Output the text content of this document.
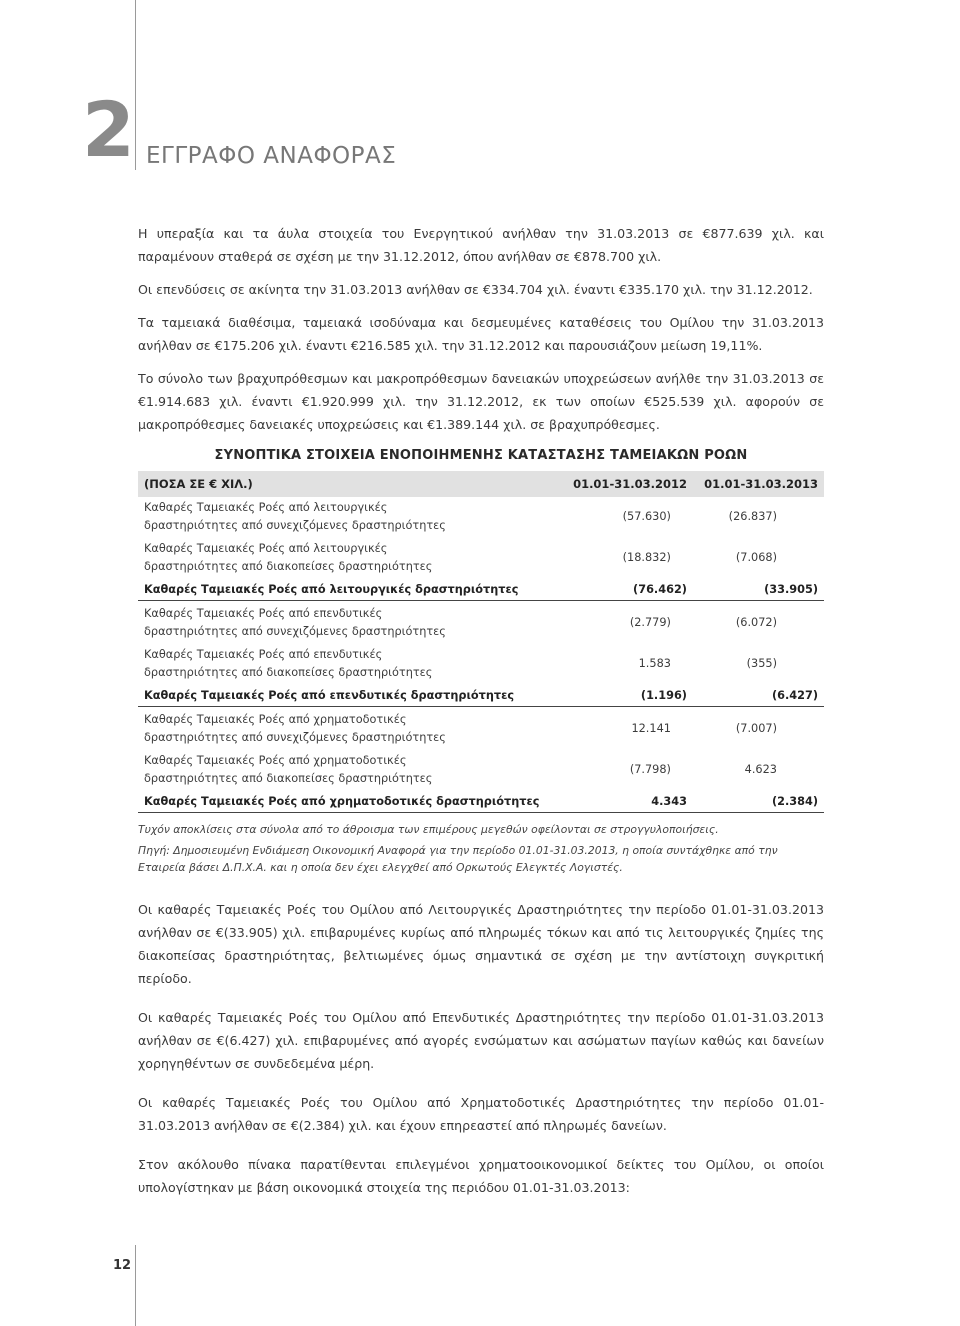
2 ΕΓΓΡΑΦΟ ΑΝΑΦΟΡΑΣ

Η υπεραξία και τα άυλα στοιχεία του Ενεργητικού ανήλθαν την 31.03.2013 σε €877.639 χιλ. και παραμένουν σταθερά σε σχέση με την 31.12.2012, όπου ανήλθαν σε €878.700 χιλ.

Οι επενδύσεις σε ακίνητα την 31.03.2013 ανήλθαν σε €334.704 χιλ. έναντι €335.170 χιλ. την 31.12.2012.

Τα ταμειακά διαθέσιμα, ταμειακά ισοδύναμα και δεσμευμένες καταθέσεις του Ομίλου την 31.03.2013 ανήλθαν σε €175.206 χιλ. έναντι €216.585 χιλ. την 31.12.2012 και παρουσιάζουν μείωση 19,11%.

Το σύνολο των βραχυπρόθεσμων και μακροπρόθεσμων δανειακών υποχρεώσεων ανήλθε την 31.03.2013 σε €1.914.683 χιλ. έναντι €1.920.999 χιλ. την 31.12.2012, εκ των οποίων €525.539 χιλ. αφορούν σε μακροπρόθεσμες δανειακές υποχρεώσεις και €1.389.144 χιλ. σε βραχυπρόθεσμες.

ΣΥΝΟΠΤΙΚΑ ΣΤΟΙΧΕΙΑ ΕΝΟΠΟΙΗΜΕΝΗΣ ΚΑΤΑΣΤΑΣΗΣ ΤΑΜΕΙΑΚΩΝ ΡΟΩΝ
(ΠΟΣΑ ΣΕ € ΧΙΛ.)	01.01-31.03.2012	01.01-31.03.2013
Καθαρές Ταμειακές Ροές από λειτουργικές
δραστηριότητες από συνεχιζόμενες δραστηριότητες	(57.630)	(26.837)
Καθαρές Ταμειακές Ροές από λειτουργικές
δραστηριότητες από διακοπείσες δραστηριότητες	(18.832)	(7.068)
Καθαρές Ταμειακές Ροές από λειτουργικές δραστηριότητες	(76.462)	(33.905)
Καθαρές Ταμειακές Ροές από επενδυτικές
δραστηριότητες από συνεχιζόμενες δραστηριότητες	(2.779)	(6.072)
Καθαρές Ταμειακές Ροές από επενδυτικές
δραστηριότητες από διακοπείσες δραστηριότητες	1.583	(355)
Καθαρές Ταμειακές Ροές από επενδυτικές δραστηριότητες	(1.196)	(6.427)
Καθαρές Ταμειακές Ροές από χρηματοδοτικές
δραστηριότητες από συνεχιζόμενες δραστηριότητες	12.141	(7.007)
Καθαρές Ταμειακές Ροές από χρηματοδοτικές
δραστηριότητες από διακοπείσες δραστηριότητες	(7.798)	4.623
Καθαρές Ταμειακές Ροές από χρηματοδοτικές δραστηριότητες	4.343	(2.384)

Τυχόν αποκλίσεις στα σύνολα από το άθροισμα των επιμέρους μεγεθών οφείλονται σε στρογγυλοποιήσεις.

Πηγή: Δημοσιευμένη Ενδιάμεση Οικονομική Αναφορά για την περίοδο 01.01-31.03.2013, η οποία συντάχθηκε από την Εταιρεία βάσει Δ.Π.Χ.Α. και η οποία δεν έχει ελεγχθεί από Ορκωτούς Ελεγκτές Λογιστές.

Οι καθαρές Ταμειακές Ροές του Ομίλου από Λειτουργικές Δραστηριότητες την περίοδο 01.01-31.03.2013 ανήλθαν σε €(33.905) χιλ. επιβαρυμένες κυρίως από πληρωμές τόκων και από τις λειτουργικές ζημίες της διακοπείσας δραστηριότητας, βελτιωμένες όμως σημαντικά σε σχέση με την αντίστοιχη συγκριτική περίοδο.

Οι καθαρές Ταμειακές Ροές του Ομίλου από Επενδυτικές Δραστηριότητες την περίοδο 01.01-31.03.2013 ανήλθαν σε €(6.427) χιλ. επιβαρυμένες από αγορές ενσώματων και ασώματων παγίων καθώς και δανείων χορηγηθέντων σε συνδεδεμένα μέρη.

Οι καθαρές Ταμειακές Ροές του Ομίλου από Χρηματοδοτικές Δραστηριότητες την περίοδο 01.01-31.03.2013 ανήλθαν σε €(2.384) χιλ. και έχουν επηρεαστεί από πληρωμές δανείων.

Στον ακόλουθο πίνακα παρατίθενται επιλεγμένοι χρηματοοικονομικοί δείκτες του Ομίλου, οι οποίοι υπολογίστηκαν με βάση οικονομικά στοιχεία της περιόδου 01.01-31.03.2013:

12
